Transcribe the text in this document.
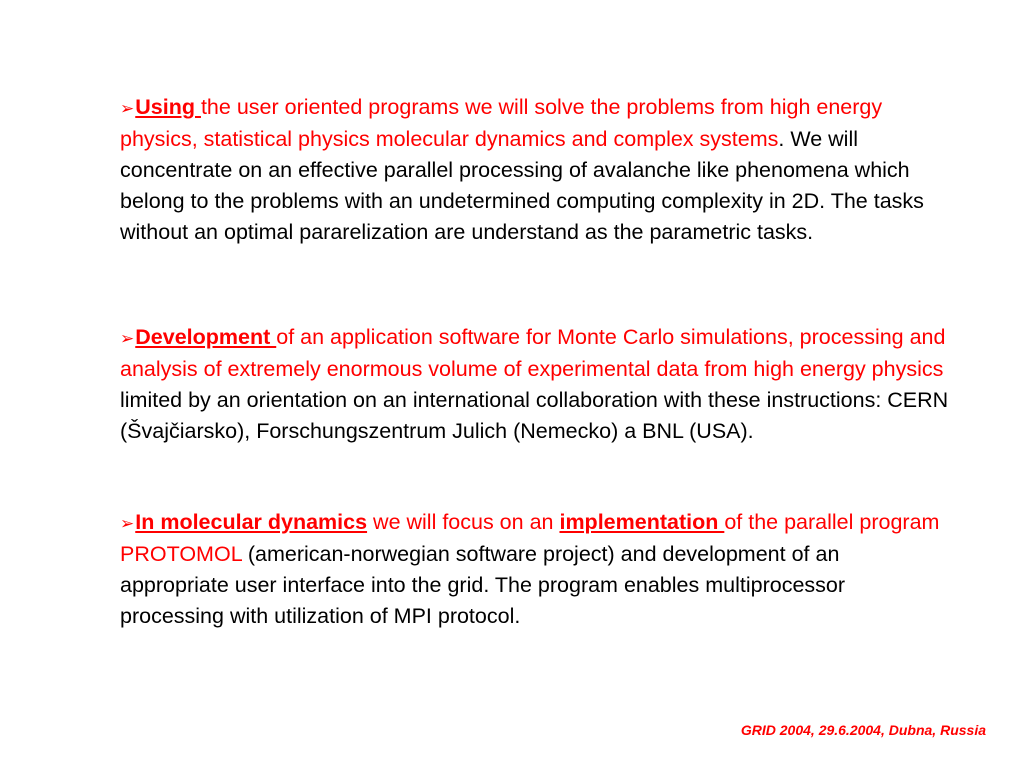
➢Using the user oriented programs we will solve the problems from high energy physics, statistical physics molecular dynamics and complex systems. We will concentrate on an effective parallel processing of avalanche like phenomena which belong to the problems with an undetermined computing complexity in 2D. The tasks without an optimal pararelization are understand as the parametric tasks.

➢Development of an application software for Monte Carlo simulations, processing and analysis of extremely enormous volume of experimental data from high energy physics limited by an orientation on an international collaboration with these instructions: CERN (Švajčiarsko), Forschungszentrum Julich (Nemecko) a BNL (USA).

➢In molecular dynamics we will focus on an implementation of the parallel program PROTOMOL (american-norwegian software project) and development of an appropriate user interface into the grid. The program enables multiprocessor processing with utilization of MPI protocol.

GRID 2004, 29.6.2004, Dubna, Russia
